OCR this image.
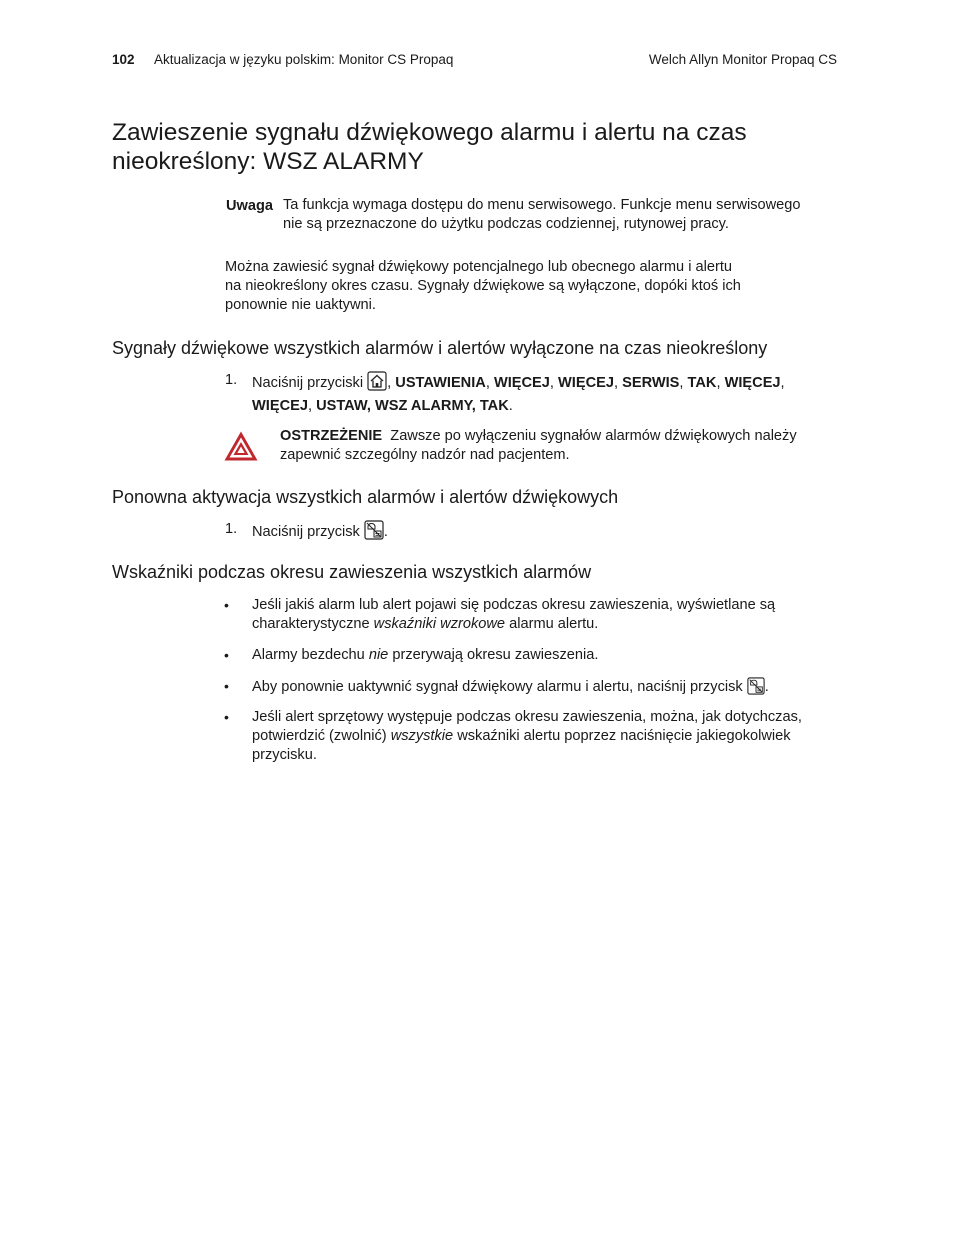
102 Aktualizacja w języku polskim: Monitor CS Propaq	Welch Allyn Monitor Propaq CS
Zawieszenie sygnału dźwiękowego alarmu i alertu na czas
nieokreślony: WSZ ALARMY
Uwaga Ta funkcja wymaga dostępu do menu serwisowego. Funkcje menu serwisowego
nie są przeznaczone do użytku podczas codziennej, rutynowej pracy.
Można zawiesić sygnał dźwiękowy potencjalnego lub obecnego alarmu i alertu
na nieokreślony okres czasu. Sygnały dźwiękowe są wyłączone, dopóki ktoś ich
ponownie nie uaktywni.
Sygnały dźwiękowe wszystkich alarmów i alertów wyłączone na czas nieokreślony
1. Naciśnij przyciski , USTAWIENIA, WIĘCEJ, WIĘCEJ, SERWIS, TAK, WIĘCEJ,
WIĘCEJ, USTAW, WSZ ALARMY, TAK.
OSTRZEŻENIE Zawsze po wyłączeniu sygnałów alarmów dźwiękowych należy
zapewnić szczególny nadzór nad pacjentem.
Ponowna aktywacja wszystkich alarmów i alertów dźwiękowych
1. Naciśnij przycisk .
Wskaźniki podczas okresu zawieszenia wszystkich alarmów
• Jeśli jakiś alarm lub alert pojawi się podczas okresu zawieszenia, wyświetlane są
charakterystyczne wskaźniki wzrokowe alarmu alertu.
• Alarmy bezdechu nie przerywają okresu zawieszenia.
• Aby ponownie uaktywnić sygnał dźwiękowy alarmu i alertu, naciśnij przycisk .
• Jeśli alert sprzętowy występuje podczas okresu zawieszenia, można, jak dotychczas,
potwierdzić (zwolnić) wszystkie wskaźniki alertu poprzez naciśnięcie jakiegokolwiek
przycisku.
